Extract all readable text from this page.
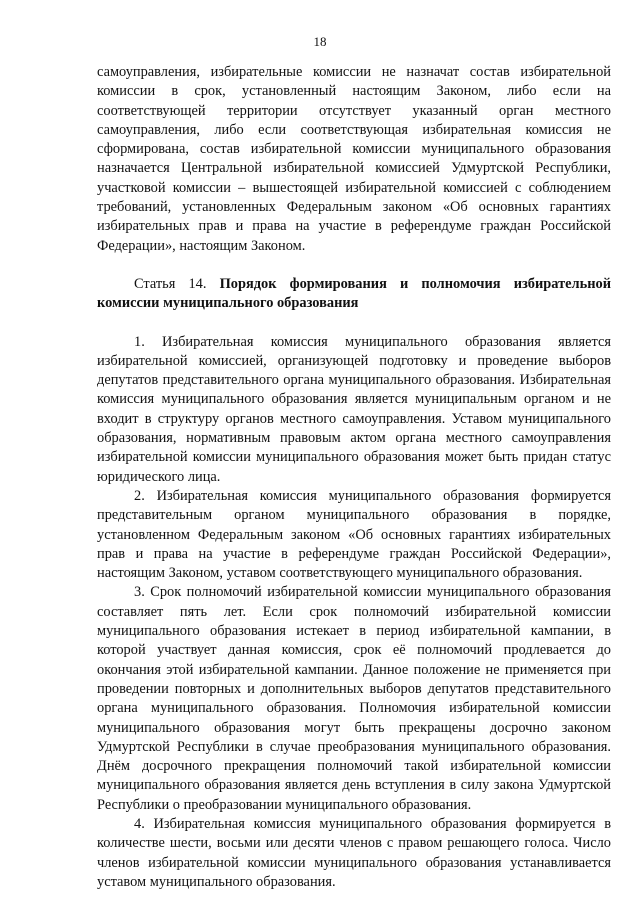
18

самоуправления, избирательные комиссии не назначат состав избирательной комиссии в срок, установленный настоящим Законом, либо если на соответствующей территории отсутствует указанный орган местного самоуправления, либо если соответствующая избирательная комиссия не сформирована, состав избирательной комиссии муниципального образования назначается Центральной избирательной комиссией Удмуртской Республики, участковой комиссии – вышестоящей избирательной комиссией с соблюдением требований, установленных Федеральным законом «Об основных гарантиях избирательных прав и права на участие в референдуме граждан Российской Федерации», настоящим Законом.

Статья 14. Порядок формирования и полномочия избирательной комиссии муниципального образования

1. Избирательная комиссия муниципального образования является избирательной комиссией, организующей подготовку и проведение выборов депутатов представительного органа муниципального образования. Избирательная комиссия муниципального образования является муниципальным органом и не входит в структуру органов местного самоуправления. Уставом муниципального образования, нормативным правовым актом органа местного самоуправления избирательной комиссии муниципального образования может быть придан статус юридического лица.

2. Избирательная комиссия муниципального образования формируется представительным органом муниципального образования в порядке, установленном Федеральным законом «Об основных гарантиях избирательных прав и права на участие в референдуме граждан Российской Федерации», настоящим Законом, уставом соответствующего муниципального образования.

3. Срок полномочий избирательной комиссии муниципального образования составляет пять лет. Если срок полномочий избирательной комиссии муниципального образования истекает в период избирательной кампании, в которой участвует данная комиссия, срок её полномочий продлевается до окончания этой избирательной кампании. Данное положение не применяется при проведении повторных и дополнительных выборов депутатов представительного органа муниципального образования. Полномочия избирательной комиссии муниципального образования могут быть прекращены досрочно законом Удмуртской Республики в случае преобразования муниципального образования. Днём досрочного прекращения полномочий такой избирательной комиссии муниципального образования является день вступления в силу закона Удмуртской Республики о преобразовании муниципального образования.

4. Избирательная комиссия муниципального образования формируется в количестве шести, восьми или десяти членов с правом решающего голоса. Число членов избирательной комиссии муниципального образования устанавливается уставом муниципального образования.
